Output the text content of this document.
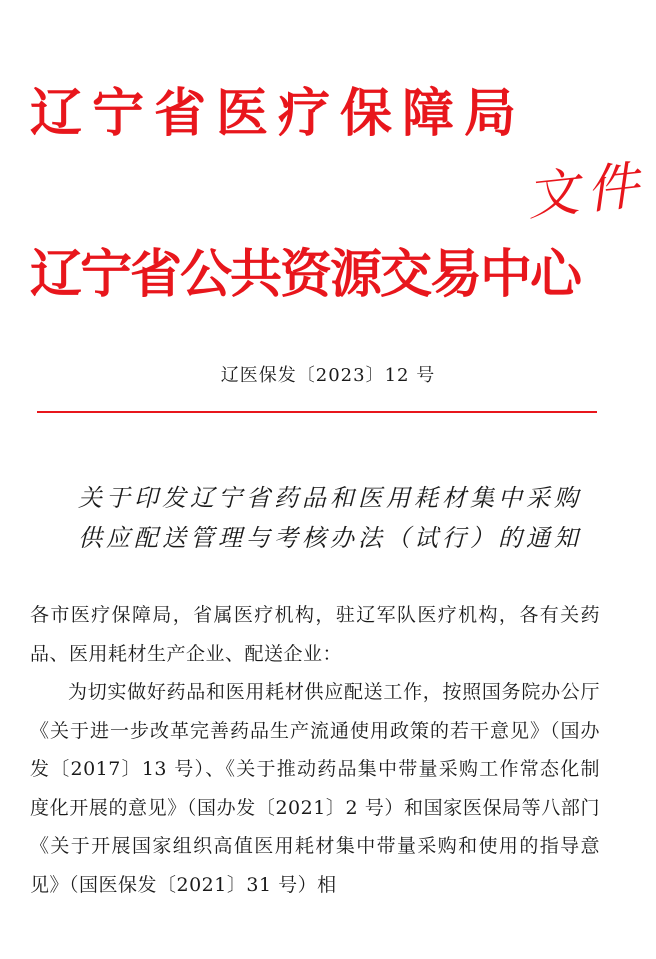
辽宁省医疗保障局
文件
辽宁省公共资源交易中心
辽医保发〔2023〕12 号
关于印发辽宁省药品和医用耗材集中采购
供应配送管理与考核办法（试行）的通知

各市医疗保障局，省属医疗机构，驻辽军队医疗机构，各有关药品、医用耗材生产企业、配送企业：

为切实做好药品和医用耗材供应配送工作，按照国务院办公厅《关于进一步改革完善药品生产流通使用政策的若干意见》（国办发〔2017〕13 号）、《关于推动药品集中带量采购工作常态化制度化开展的意见》（国办发〔2021〕2 号）和国家医保局等八部门《关于开展国家组织高值医用耗材集中带量采购和使用的指导意见》（国医保发〔2021〕31 号）相
